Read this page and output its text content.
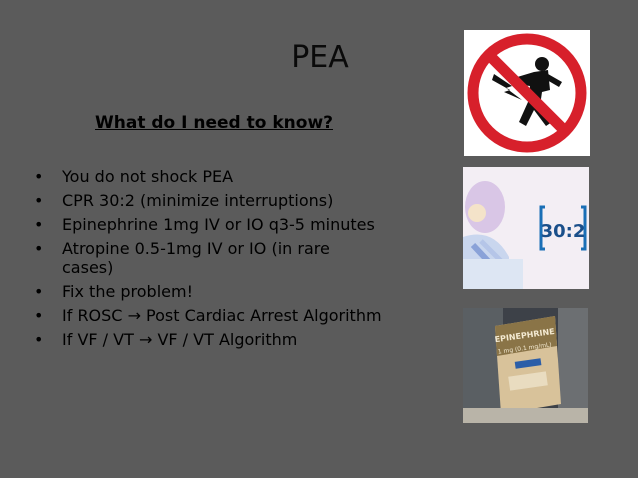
PEA
What do I need to know?
•	You do not shock PEA
•	CPR 30:2 (minimize interruptions)
•	Epinephrine 1mg IV or IO q3-5 minutes
•	Atropine 0.5-1mg IV or IO (in rare cases)
•	Fix the problem!
•	If ROSC → Post Cardiac Arrest Algorithm
•	If VF / VT → VF / VT Algorithm
30:2
EPINEPHRINE
1 mg (0.1 mg/mL)
